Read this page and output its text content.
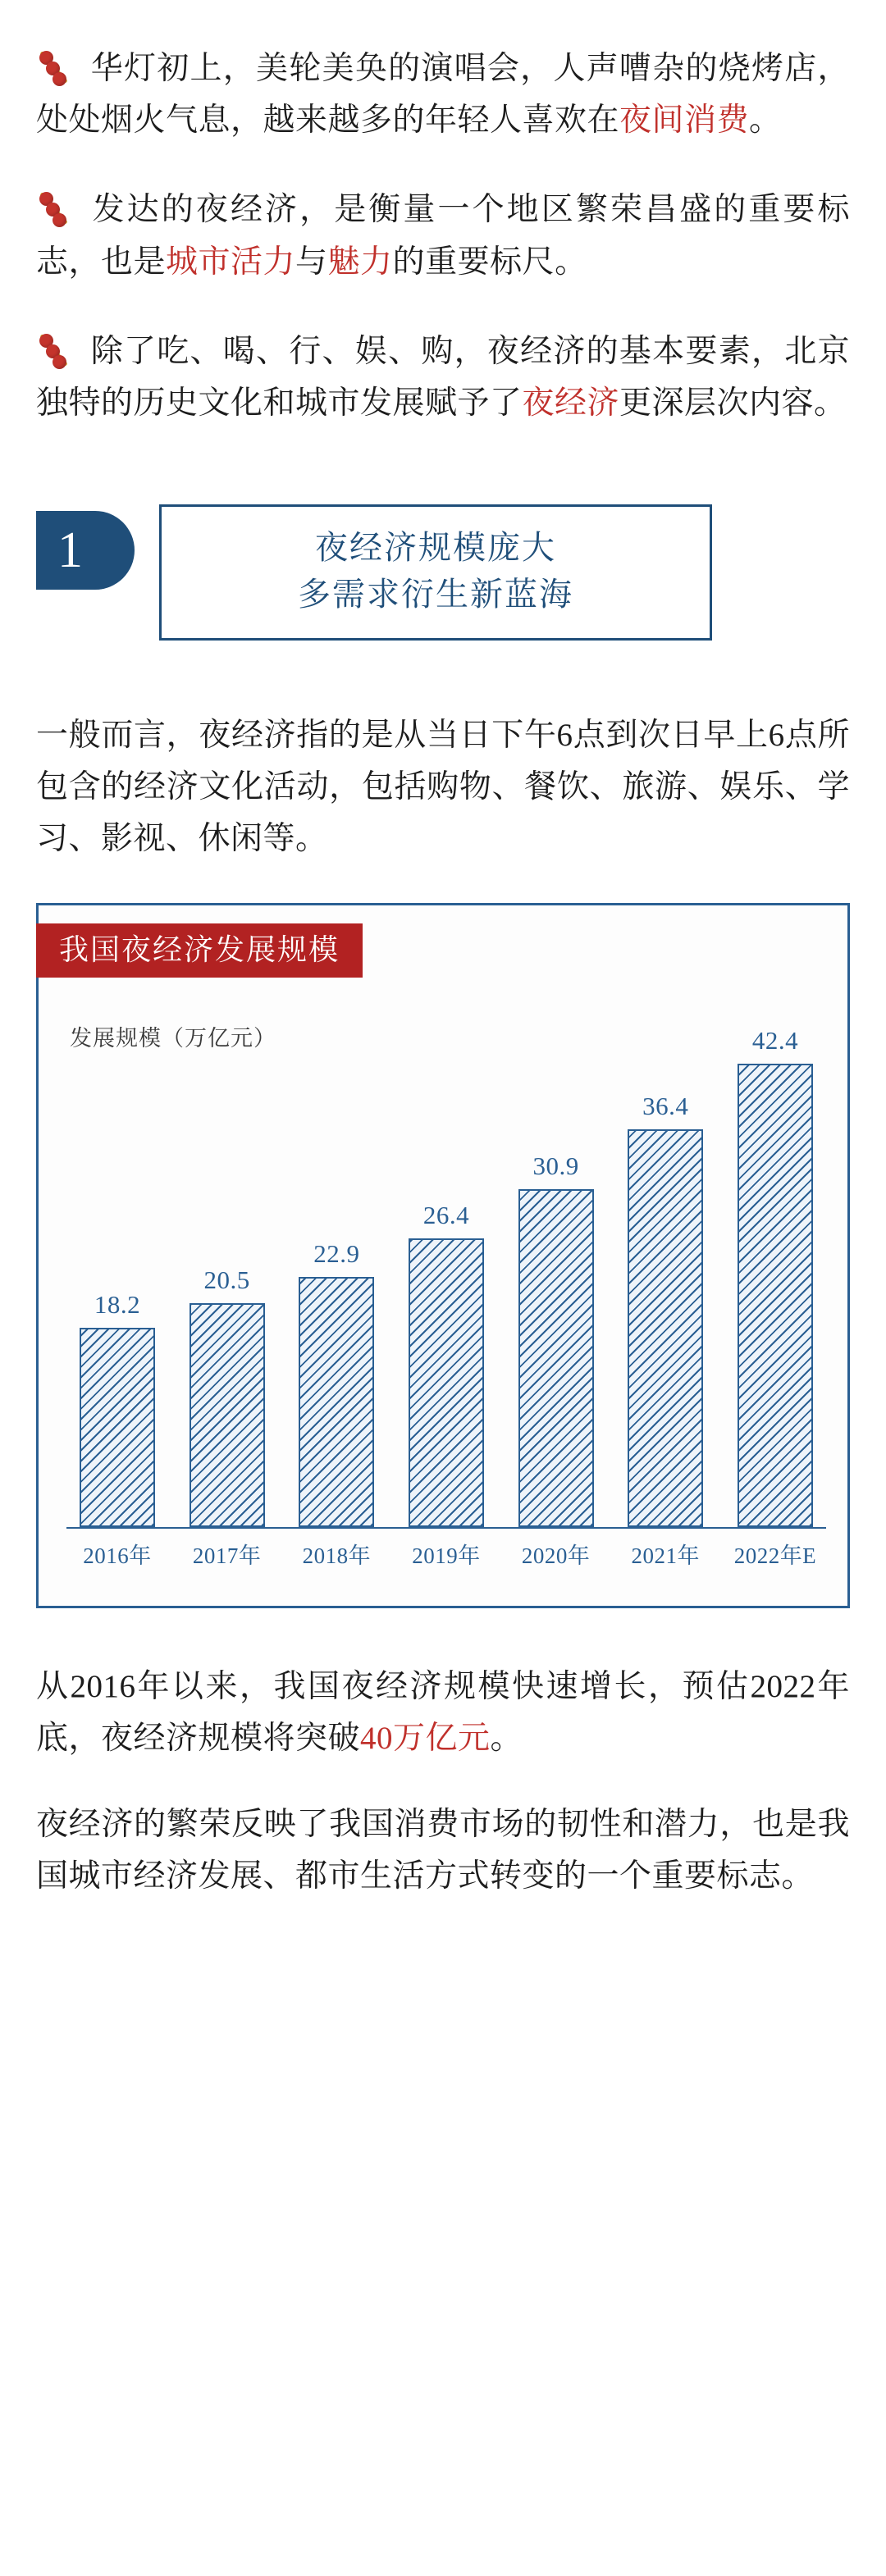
华灯初上，美轮美奂的演唱会，人声嘈杂的烧烤店，处处烟火气息，越来越多的年轻人喜欢在夜间消费。

发达的夜经济，是衡量一个地区繁荣昌盛的重要标志，也是城市活力与魅力的重要标尺。

除了吃、喝、行、娱、购，夜经济的基本要素，北京独特的历史文化和城市发展赋予了夜经济更深层次内容。

1	夜经济规模庞大
多需求衍生新蓝海

一般而言，夜经济指的是从当日下午6点到次日早上6点所包含的经济文化活动，包括购物、餐饮、旅游、娱乐、学习、影视、休闲等。

我国夜经济发展规模
发展规模（万亿元）
18.2
20.5
22.9
26.4
30.9
36.4
42.4
2016年	2017年	2018年	2019年	2020年	2021年	2022年E

从2016年以来，我国夜经济规模快速增长，预估2022年底，夜经济规模将突破40万亿元。

夜经济的繁荣反映了我国消费市场的韧性和潜力，也是我国城市经济发展、都市生活方式转变的一个重要标志。
